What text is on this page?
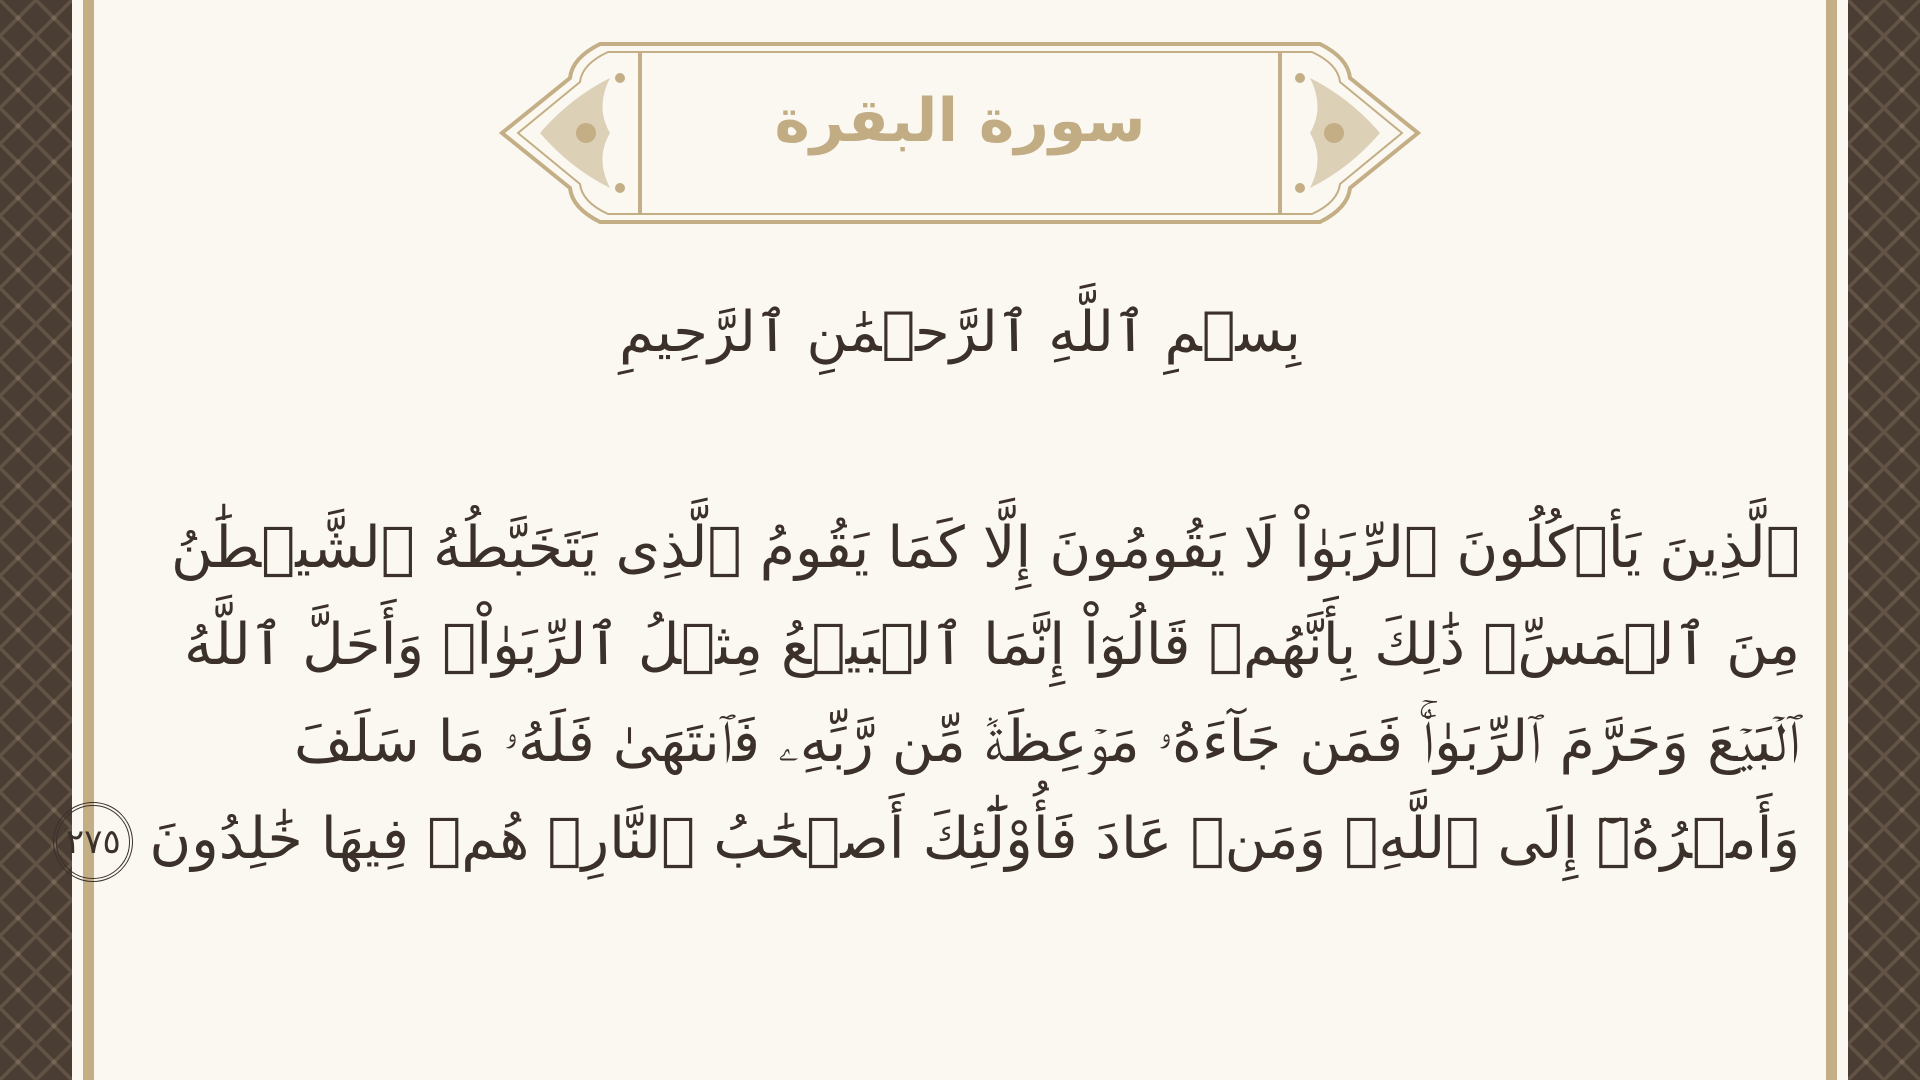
سورة البقرة
بِسۡمِ ٱللَّهِ ٱلرَّحۡمَٰنِ ٱلرَّحِيمِ
ٱلَّذِينَ يَأۡكُلُونَ ٱلرِّبَوٰاْ لَا يَقُومُونَ إِلَّا كَمَا يَقُومُ ٱلَّذِى يَتَخَبَّطُهُ ٱلشَّيۡطَٰنُ
مِنَ ٱلۡمَسِّۚ ذَٰلِكَ بِأَنَّهُمۡ قَالُوٓاْ إِنَّمَا ٱلۡبَيۡعُ مِثۡلُ ٱلرِّبَوٰاْۗ وَأَحَلَّ ٱللَّهُ
ٱلۡبَيۡعَ وَحَرَّمَ ٱلرِّبَوٰاْۚ فَمَن جَآءَهُۥ مَوۡعِظَةٞ مِّن رَّبِّهِۦ فَٱنتَهَىٰ فَلَهُۥ مَا سَلَفَ
وَأَمۡرُهُۥٓ إِلَى ٱللَّهِۖ وَمَنۡ عَادَ فَأُوْلَٰٓئِكَ أَصۡحَٰبُ ٱلنَّارِۖ هُمۡ فِيهَا خَٰلِدُونَ٢٧٥
